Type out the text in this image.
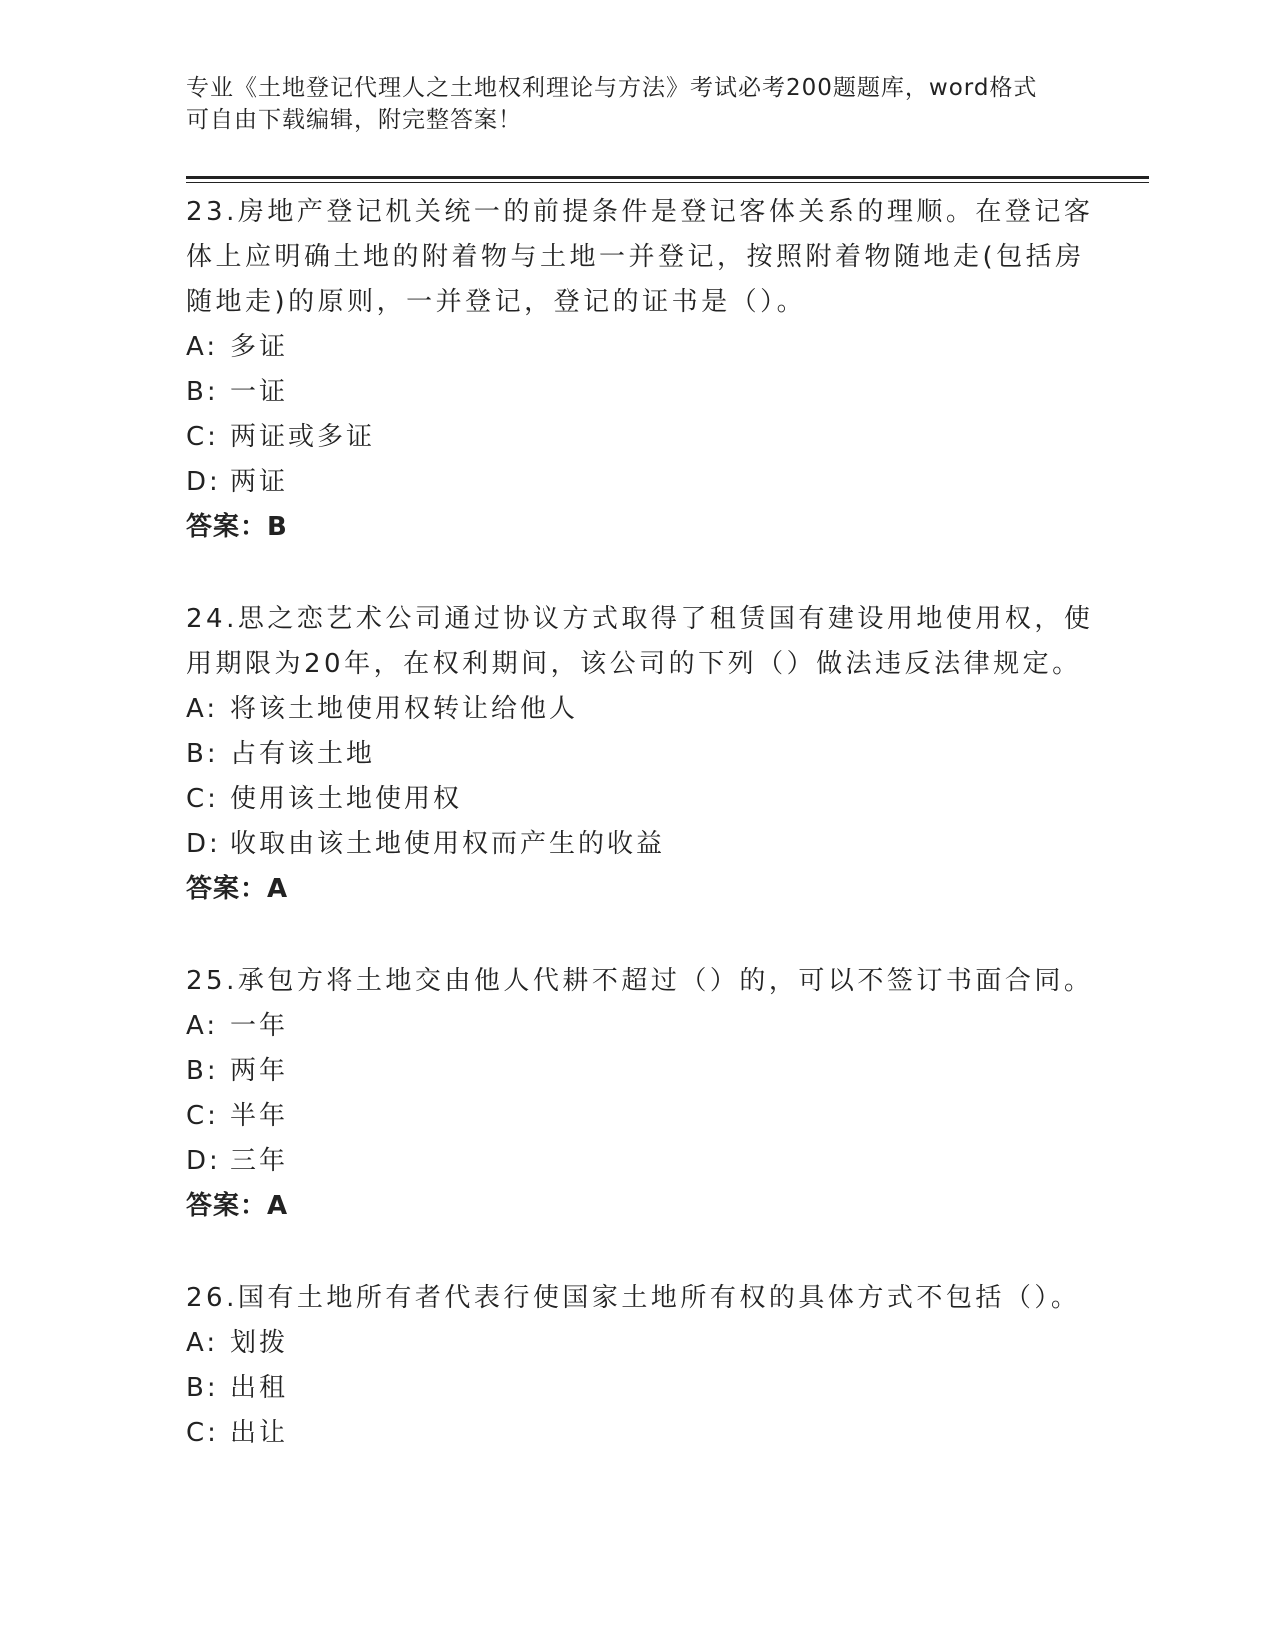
专业《土地登记代理人之土地权利理论与方法》考试必考200题题库，word格式
可自由下载编辑，附完整答案！
23.房地产登记机关统一的前提条件是登记客体关系的理顺。在登记客
体上应明确土地的附着物与土地一并登记，按照附着物随地走(包括房
随地走)的原则，一并登记，登记的证书是（）。
A: 多证
B: 一证
C: 两证或多证
D: 两证
答案：B
24.思之恋艺术公司通过协议方式取得了租赁国有建设用地使用权，使
用期限为20年，在权利期间，该公司的下列（）做法违反法律规定。
A: 将该土地使用权转让给他人
B: 占有该土地
C: 使用该土地使用权
D: 收取由该土地使用权而产生的收益
答案：A
25.承包方将土地交由他人代耕不超过（）的，可以不签订书面合同。
A: 一年
B: 两年
C: 半年
D: 三年
答案：A
26.国有土地所有者代表行使国家土地所有权的具体方式不包括（）。
A: 划拨
B: 出租
C: 出让
